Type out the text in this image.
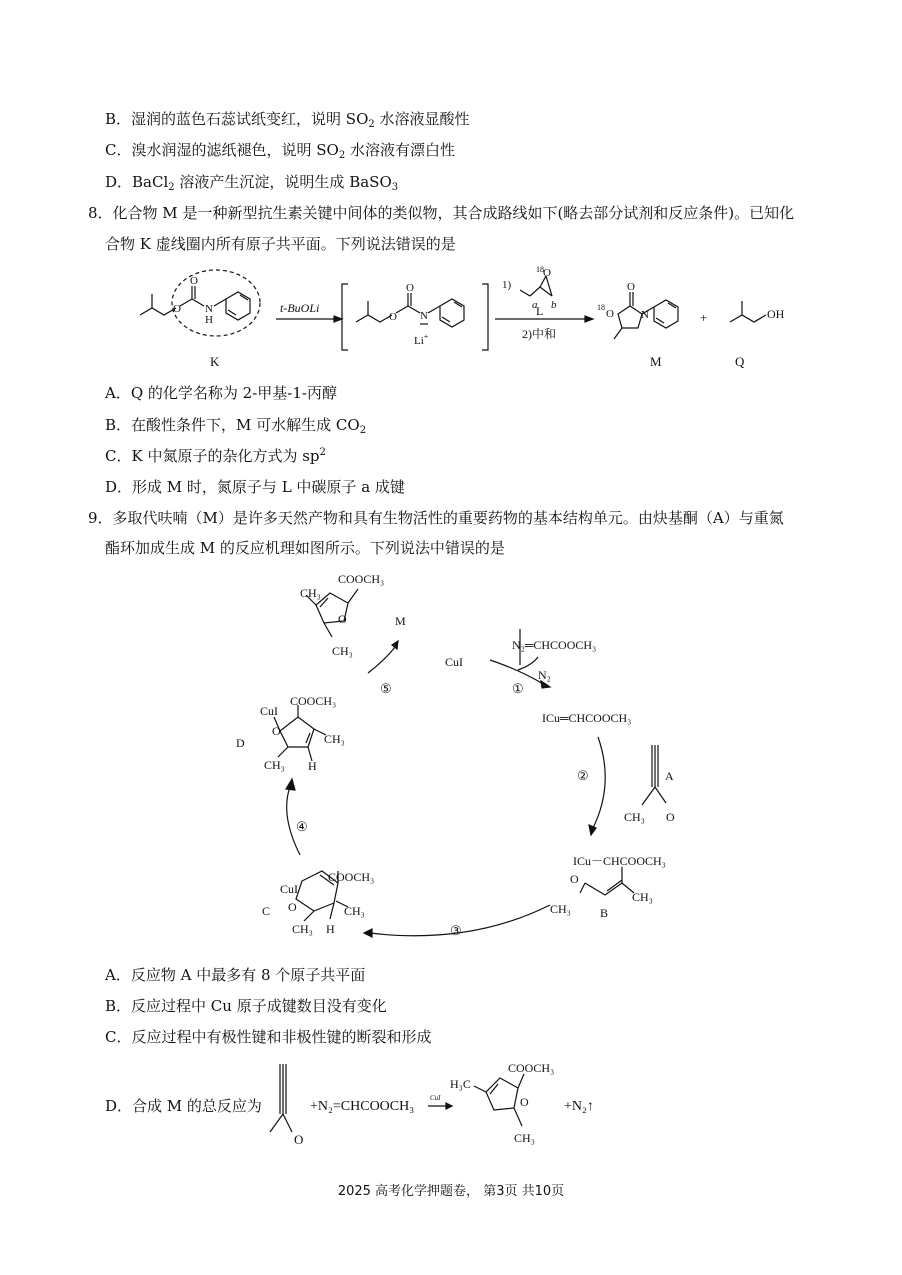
B．湿润的蓝色石蕊试纸变红，说明 $SO_2$ 水溶液显酸性
C．溴水润湿的滤纸褪色，说明 $SO_2$ 水溶液有漂白性
D．BaCl$_2$ 溶液产生沉淀，说明生成 BaSO$_3$
8．化合物 M 是一种新型抗生素关键中间体的类似物，其合成路线如下(略去部分试剂和反应条件)。已知化
合物 K 虚线圈内所有原子共平面。下列说法错误的是
O
O
N
H
K
t-BuOLi
O
O
N
Li+
1)
18 O
a b
L
2)中和
18
O
O
N
M
+	OH
Q
A．Q 的化学名称为 2-甲基-1-丙醇
B．在酸性条件下，M 可水解生成 $CO_2$
C．K 中氮原子的杂化方式为 $sp^2$
D．形成 M 时，氮原子与 L 中碳原子 a 成键
9．多取代呋喃（M）是许多天然产物和具有生物活性的重要药物的基本结构单元。由炔基酮（A）与重氮
酯环加成生成 M 的反应机理如图所示。下列说法中错误的是
COOCH₃
CH₃
O
CH₃
M
CuI
N₂═CHCOOCH₃
N₂
①
ICu═CHCOOCH₃
②	A
CH₃ O
ICu－CHCOOCH₃
O
CH₃
CH₃ B
③
COOCH₃
CuI
O	CH₃
CH₃ H
C
④
COOCH₃
CuI
O
CH₃
CH₃ H
D
⑤
A．反应物 A 中最多有 8 个原子共平面
B．反应过程中 Cu 原子成键数目没有变化
C．反应过程中有极性键和非极性键的断裂和形成
D．合成 M 的总反应为
O
+N₂=CHCOOCH₃
CuI
COOCH₃
H₃C
O
CH₃
+N₂↑
2025 高考化学押题卷， 第3页 共10页
